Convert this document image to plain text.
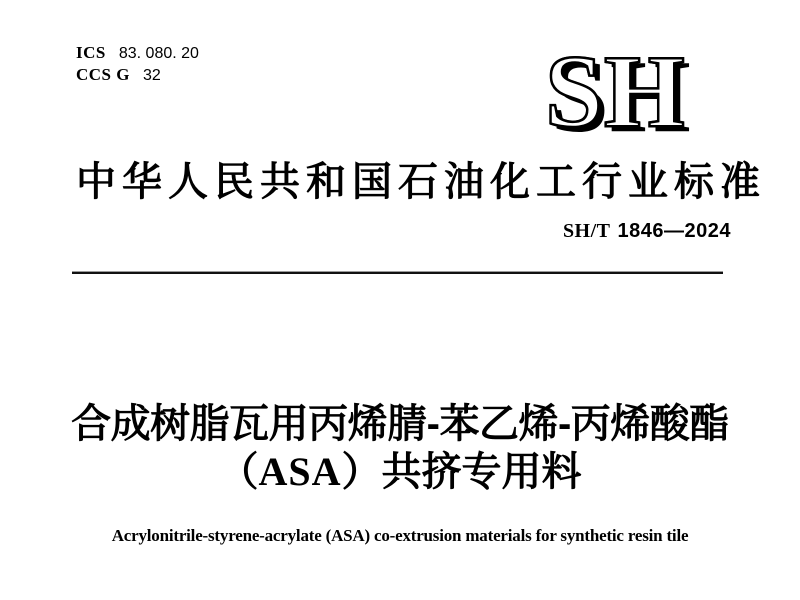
ICS 83. 080. 20
CCS G 32	SH
中华人民共和国石油化工行业标准
SH/T 1846—2024
合成树脂瓦用丙烯腈-苯乙烯-丙烯酸酯
（ASA）共挤专用料
Acrylonitrile-styrene-acrylate (ASA) co-extrusion materials for synthetic resin tile
